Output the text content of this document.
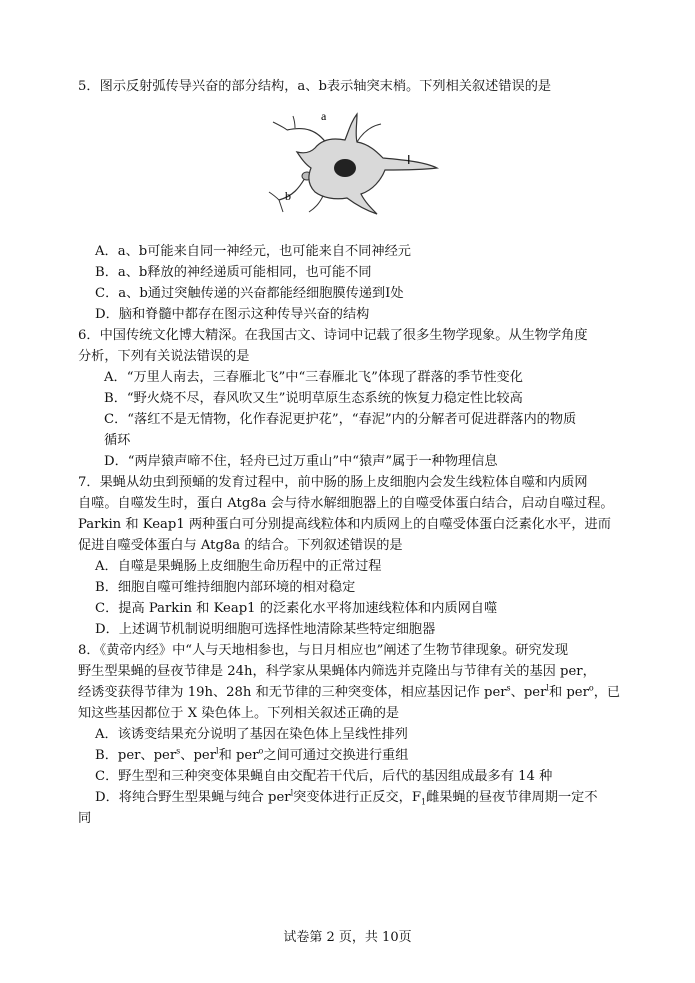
5．图示反射弧传导兴奋的部分结构，a、b表示轴突末梢。下列相关叙述错误的是
a
b
Ⅰ
A．a、b可能来自同一神经元，也可能来自不同神经元
B．a、b释放的神经递质可能相同，也可能不同
C．a、b通过突触传递的兴奋都能经细胞膜传递到Ⅰ处
D．脑和脊髓中都存在图示这种传导兴奋的结构
6．中国传统文化博大精深。在我国古文、诗词中记载了很多生物学现象。从生物学角度
分析，下列有关说法错误的是
A．“万里人南去，三春雁北飞”中“三春雁北飞”体现了群落的季节性变化
B．“野火烧不尽，春风吹又生”说明草原生态系统的恢复力稳定性比较高
C．“落红不是无情物，化作春泥更护花”，“春泥”内的分解者可促进群落内的物质
循环
D．“两岸猿声啼不住，轻舟已过万重山”中“猿声”属于一种物理信息
7．果蝇从幼虫到预蛹的发育过程中，前中肠的肠上皮细胞内会发生线粒体自噬和内质网
自噬。自噬发生时，蛋白 Atg8a 会与待水解细胞器上的自噬受体蛋白结合，启动自噬过程。
Parkin 和 Keap1 两种蛋白可分别提高线粒体和内质网上的自噬受体蛋白泛素化水平，进而
促进自噬受体蛋白与 Atg8a 的结合。下列叙述错误的是
A．自噬是果蝇肠上皮细胞生命历程中的正常过程
B．细胞自噬可维持细胞内部环境的相对稳定
C．提高 Parkin 和 Keap1 的泛素化水平将加速线粒体和内质网自噬
D．上述调节机制说明细胞可选择性地清除某些特定细胞器
8．《黄帝内经》中“人与天地相参也，与日月相应也”阐述了生物节律现象。研究发现
野生型果蝇的昼夜节律是 24h，科学家从果蝇体内筛选并克隆出与节律有关的基因 per，
经诱变获得节律为 19h、28h 和无节律的三种突变体，相应基因记作 per$^s$、per$^l$和 per$^o$，已
知这些基因都位于 X 染色体上。下列相关叙述正确的是
A．该诱变结果充分说明了基因在染色体上呈线性排列
B．per、per$^s$、per$^l$和 per$^o$之间可通过交换进行重组
C．野生型和三种突变体果蝇自由交配若干代后，后代的基因组成最多有 14 种
D．将纯合野生型果蝇与纯合 per$^l$突变体进行正反交，$F_1$雌果蝇的昼夜节律周期一定不
同
试卷第 2 页，共 10页
